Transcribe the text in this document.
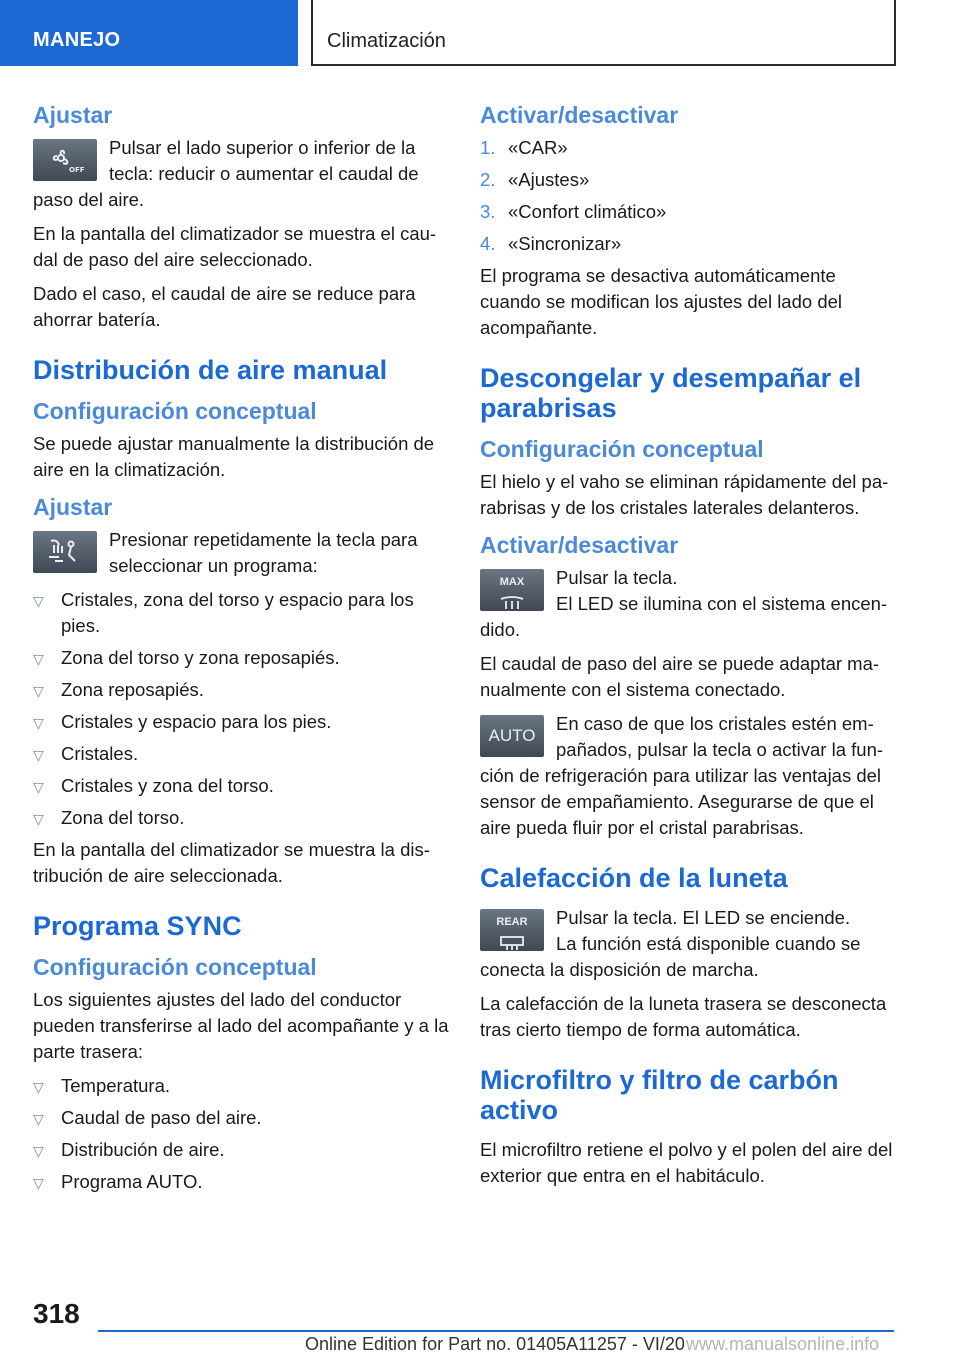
MANEJO	Climatización
Ajustar
OFF
Pulsar el lado superior o inferior de la tecla: reducir o aumentar el caudal de paso del aire.

En la pantalla del climatizador se muestra el cau-dal de paso del aire seleccionado.

Dado el caso, el caudal de aire se reduce para ahorrar batería.

Distribución de aire manual
Configuración conceptual

Se puede ajustar manualmente la distribución de aire en la climatización.

Ajustar
Presionar repetidamente la tecla para seleccionar un programa:
▽ Cristales, zona del torso y espacio para los pies.
▽ Zona del torso y zona reposapiés.
▽ Zona reposapiés.
▽ Cristales y espacio para los pies.
▽ Cristales.
▽ Cristales y zona del torso.
▽ Zona del torso.

En la pantalla del climatizador se muestra la dis-tribución de aire seleccionada.

Programa SYNC
Configuración conceptual

Los siguientes ajustes del lado del conductor pueden transferirse al lado del acompañante y a la parte trasera:

▽ Temperatura.
▽ Caudal de paso del aire.
▽ Distribución de aire.
▽ Programa AUTO.
Activar/desactivar
1. «CAR»
2. «Ajustes»
3. «Confort climático»
4. «Sincronizar»

El programa se desactiva automáticamente cuando se modifican los ajustes del lado del acompañante.

Descongelar y desempañar el parabrisas
Configuración conceptual

El hielo y el vaho se eliminan rápidamente del pa-rabrisas y de los cristales laterales delanteros.

Activar/desactivar
MAX Pulsar la tecla.
El LED se ilumina con el sistema encen-dido.

El caudal de paso del aire se puede adaptar ma-nualmente con el sistema conectado.

AUTO
En caso de que los cristales estén em-pañados, pulsar la tecla o activar la fun-ción de refrigeración para utilizar las ventajas del sensor de empañamiento. Asegurarse de que el aire pueda fluir por el cristal parabrisas.
Calefacción de la luneta
REAR Pulsar la tecla. El LED se enciende.
La función está disponible cuando se conecta la disposición de marcha.

La calefacción de la luneta trasera se desconecta tras cierto tiempo de forma automática.

Microfiltro y filtro de carbón activo

El microfiltro retiene el polvo y el polen del aire del exterior que entra en el habitáculo.

318
Online Edition for Part no. 01405A11257 - VI/20 www.manualsonline.info
